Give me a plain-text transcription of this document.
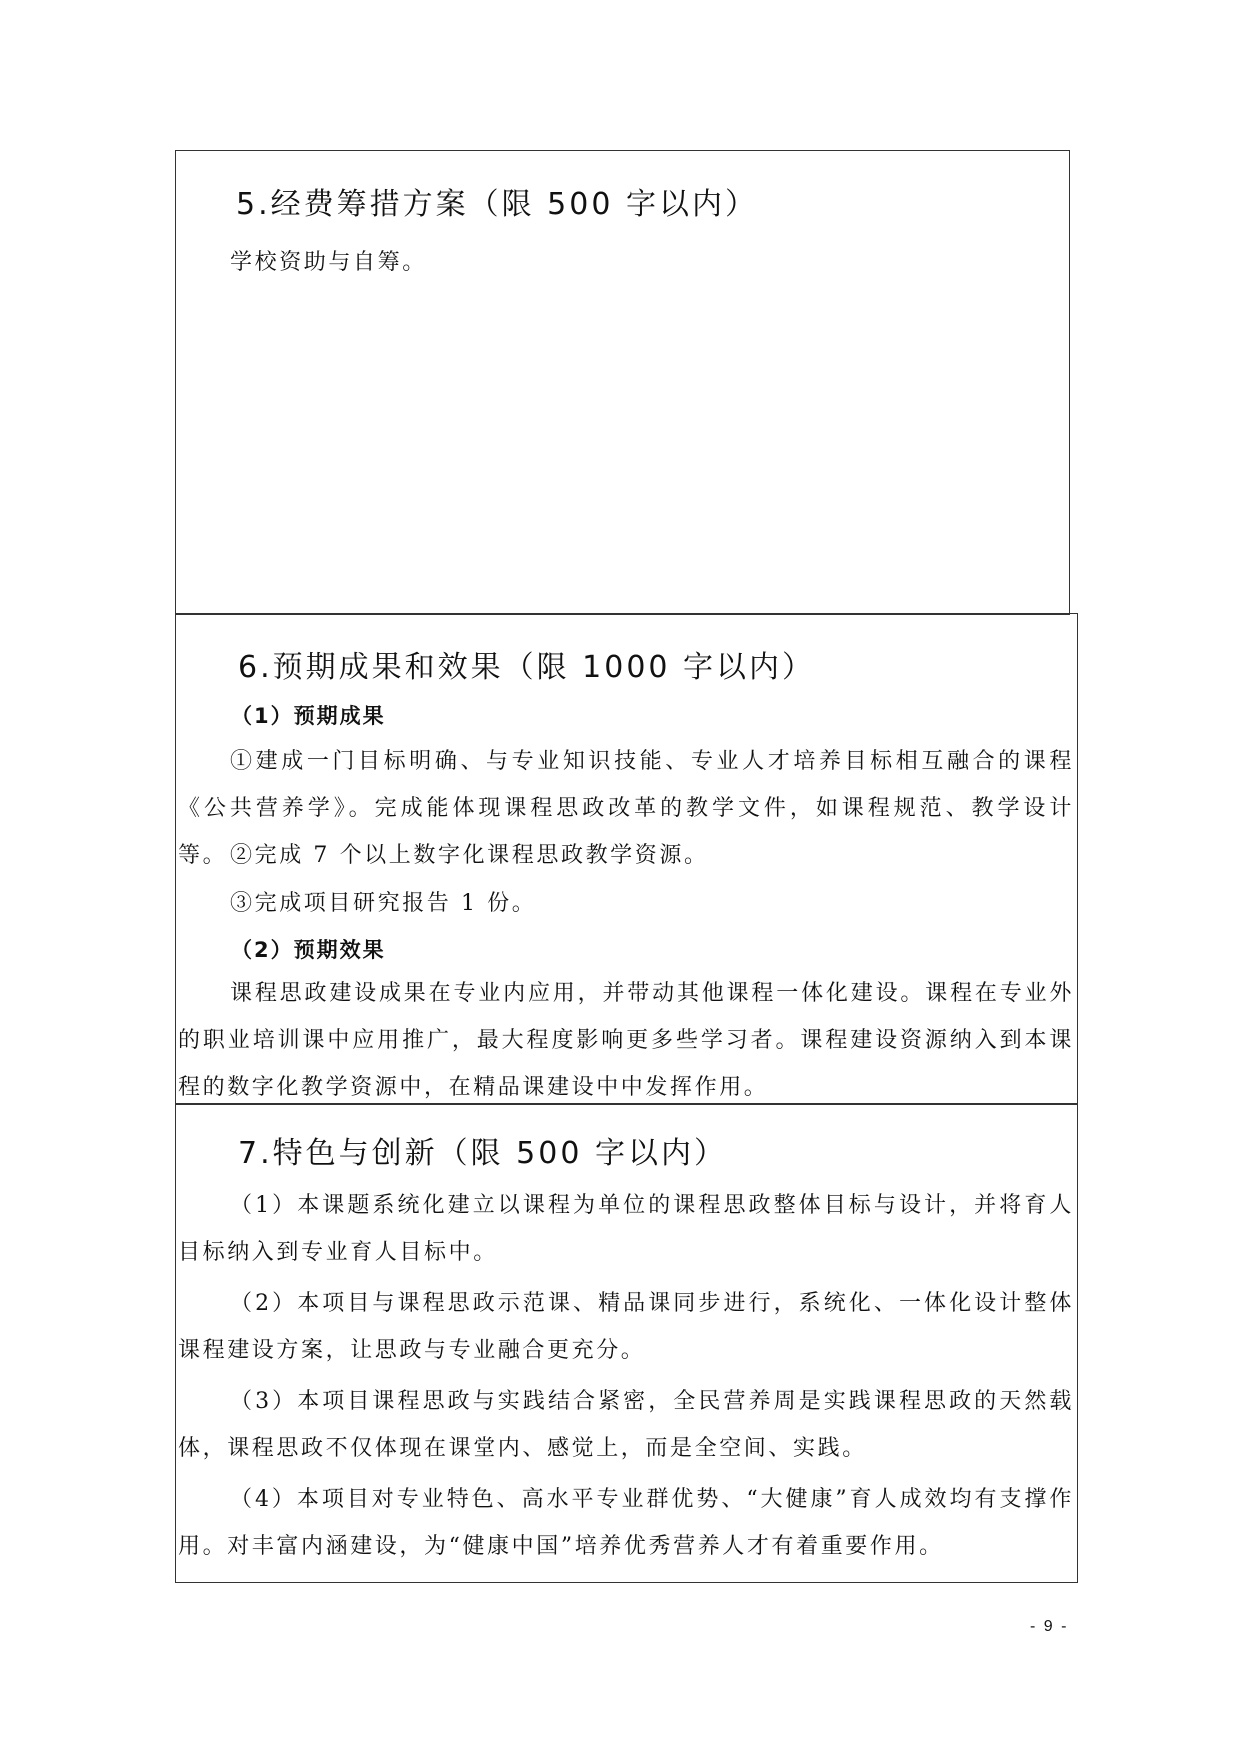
5.经费筹措方案（限 500 字以内）

学校资助与自筹。

6.预期成果和效果（限 1000 字以内）
（1）预期成果

①建成一门目标明确、与专业知识技能、专业人才培养目标相互融合的课程《公共营养学》。完成能体现课程思政改革的教学文件，如课程规范、教学设计等。 ②完成 7 个以上数字化课程思政教学资源。

③完成项目研究报告 1 份。

（2）预期效果

课程思政建设成果在专业内应用，并带动其他课程一体化建设。课程在专业外的职业培训课中应用推广，最大程度影响更多些学习者。课程建设资源纳入到本课程的数字化教学资源中，在精品课建设中中发挥作用。

7.特色与创新（限 500 字以内）

（1）本课题系统化建立以课程为单位的课程思政整体目标与设计，并将育人目标纳入到专业育人目标中。

（2）本项目与课程思政示范课、精品课同步进行，系统化、一体化设计整体课程建设方案，让思政与专业融合更充分。

（3）本项目课程思政与实践结合紧密，全民营养周是实践课程思政的天然载体，课程思政不仅体现在课堂内、感觉上，而是全空间、实践。

（4）本项目对专业特色、高水平专业群优势、“大健康”育人成效均有支撑作用。对丰富内涵建设，为“健康中国”培养优秀营养人才有着重要作用。

- 9 -
